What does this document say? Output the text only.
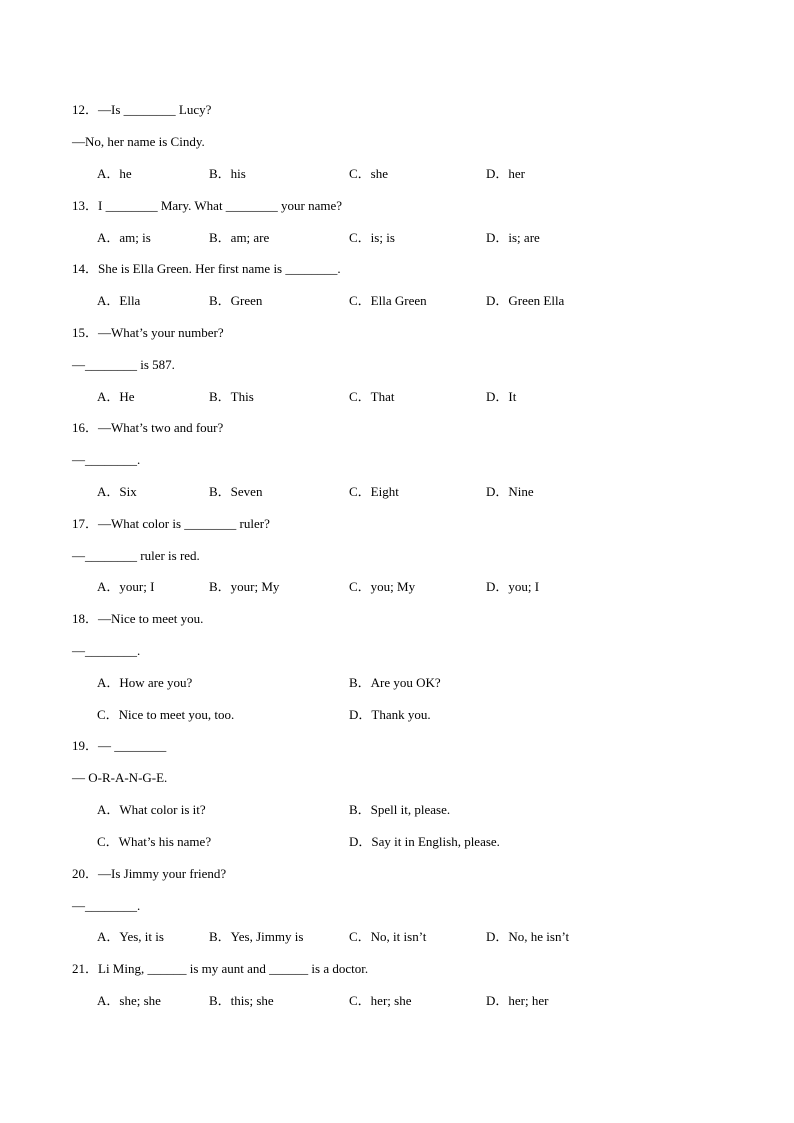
12．—Is ________ Lucy?
—No, her name is Cindy.
A．he	B．his	C．she	D．her
13．I ________ Mary. What ________ your name?
A．am; is	B．am; are	C．is; is	D．is; are
14．She is Ella Green. Her first name is ________.
A．Ella	B．Green	C．Ella Green	D．Green Ella
15．—What’s your number?
—________ is 587.
A．He	B．This	C．That	D．It
16．—What’s two and four?
—________.
A．Six	B．Seven	C．Eight	D．Nine
17．—What color is ________ ruler?
—________ ruler is red.
A．your; I	B．your; My	C．you; My	D．you; I
18．—Nice to meet you.
—________.
A．How are you?	B．Are you OK?
C．Nice to meet you, too.	D．Thank you.
19．— ________
— O-R-A-N-G-E.
A．What color is it?	B．Spell it, please.
C．What’s his name?	D．Say it in English, please.
20．—Is Jimmy your friend?
—________.
A．Yes, it is	B．Yes, Jimmy is	C．No, it isn’t	D．No, he isn’t
21．Li Ming, ______ is my aunt and ______ is a doctor.
A．she; she	B．this; she	C．her; she	D．her; her
